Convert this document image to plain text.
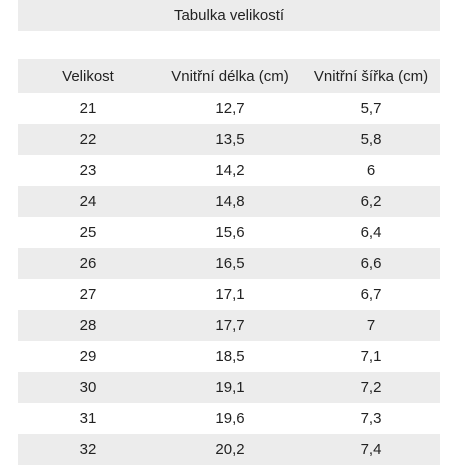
Tabulka velikostí
Velikost	Vnitřní délka (cm)	Vnitřní šířka (cm)
21	12,7	5,7
22	13,5	5,8
23	14,2	6
24	14,8	6,2
25	15,6	6,4
26	16,5	6,6
27	17,1	6,7
28	17,7	7
29	18,5	7,1
30	19,1	7,2
31	19,6	7,3
32	20,2	7,4
